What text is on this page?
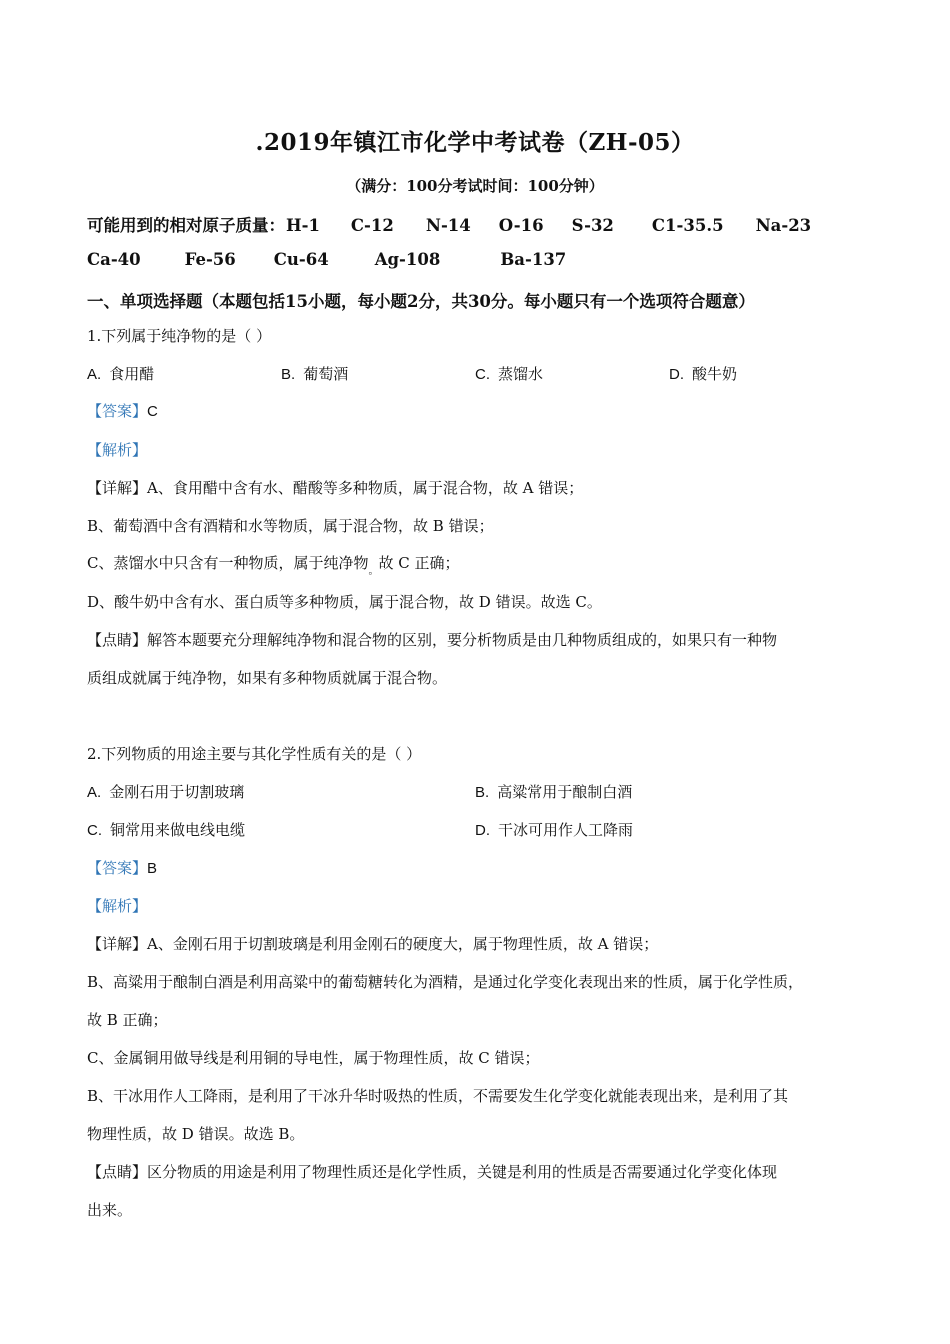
.2019年镇江市化学中考试卷（ZH-05）
（满分：100分考试时间：100分钟）
可能用到的相对原子质量：H-1 C-12 N-14 O-16 S-32 C1-35.5 Na-23
Ca-40	Fe-56 Cu-64	Ag-108	Ba-137
一、单项选择题（本题包括15小题，每小题2分，共30分。每小题只有一个选项符合题意）
1.下列属于纯净物的是（ ）
A. 食用醋	B. 葡萄酒	C. 蒸馏水	D. 酸牛奶
【答案】C
【解析】
【详解】A、食用醋中含有水、醋酸等多种物质，属于混合物，故 A 错误；
B、葡萄酒中含有酒精和水等物质，属于混合物，故 B 错误；
C、蒸馏水中只含有一种物质，属于纯净物$_。$故 C 正确；
D、酸牛奶中含有水、蛋白质等多种物质，属于混合物，故 D 错误。故选 C。
【点睛】解答本题要充分理解纯净物和混合物的区别，要分析物质是由几种物质组成的，如果只有一种物
质组成就属于纯净物，如果有多种物质就属于混合物。
2.下列物质的用途主要与其化学性质有关的是（ ）
A. 金刚石用于切割玻璃	B. 高粱常用于酿制白酒
C. 铜常用来做电线电缆	D. 干冰可用作人工降雨
【答案】B
【解析】
【详解】A、金刚石用于切割玻璃是利用金刚石的硬度大，属于物理性质，故 A 错误；
B、高粱用于酿制白酒是利用高粱中的葡萄糖转化为酒精，是通过化学变化表现出来的性质，属于化学性质，
故 B 正确；
C、金属铜用做导线是利用铜的导电性，属于物理性质，故 C 错误；
B、干冰用作人工降雨，是利用了干冰升华时吸热的性质，不需要发生化学变化就能表现出来，是利用了其
物理性质，故 D 错误。故选 B。
【点睛】区分物质的用途是利用了物理性质还是化学性质，关键是利用的性质是否需要通过化学变化体现
出来。
